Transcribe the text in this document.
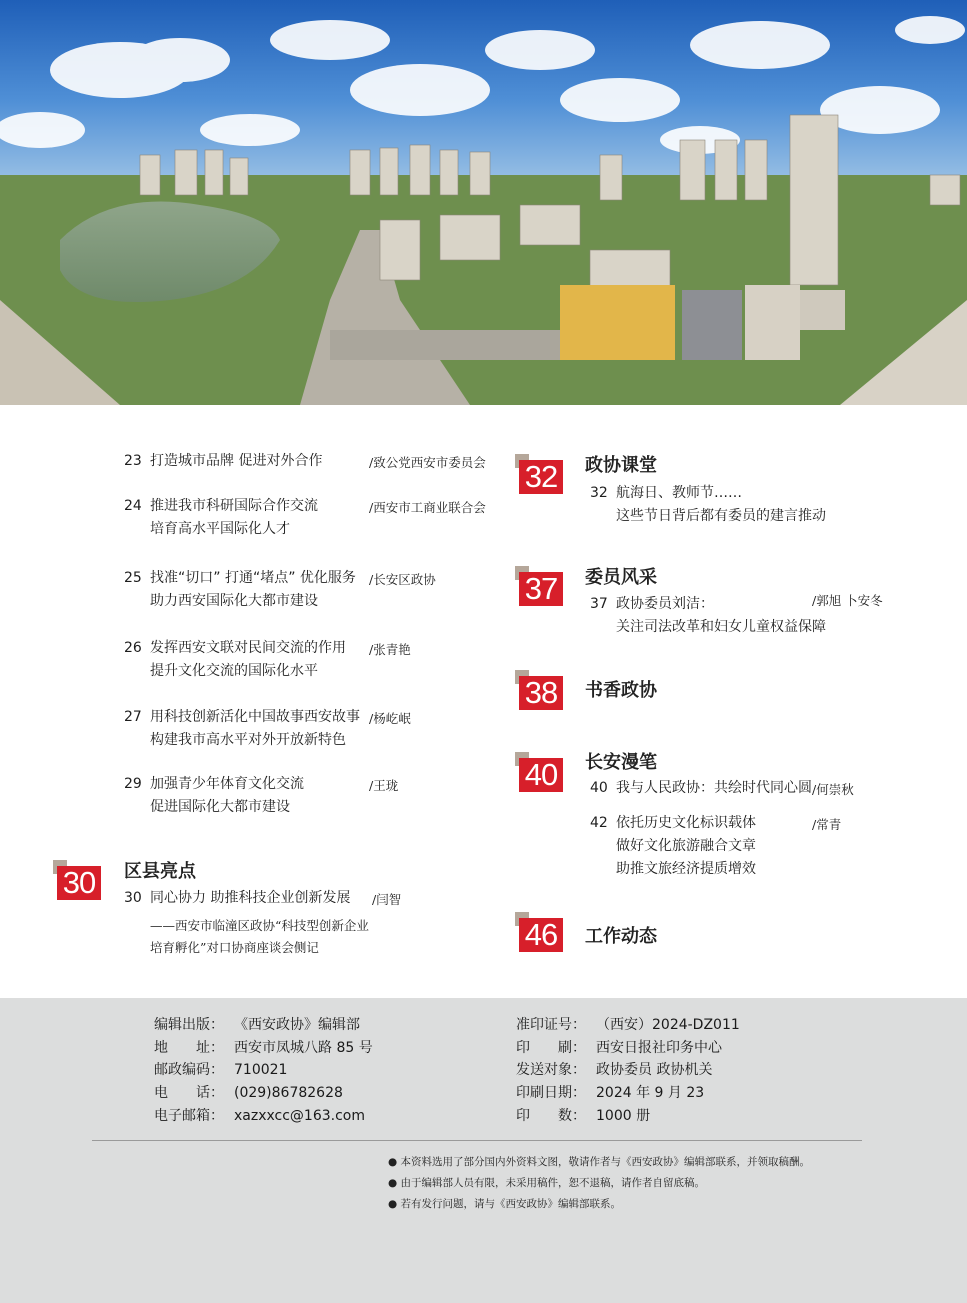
23 打造城市品牌 促进对外合作	/致公党西安市委员会
24 推进我市科研国际合作交流
培育高水平国际化人才
/西安市工商业联合会
25 找准“切口” 打通“堵点” 优化服务
助力西安国际化大都市建设
/长安区政协
26 发挥西安文联对民间交流的作用
提升文化交流的国际化水平
/张青艳
27 用科技创新活化中国故事西安故事
构建我市高水平对外开放新特色
/杨屹岷
29 加强青少年体育文化交流
促进国际化大都市建设
/王珑
30	区县亮点
30 同心协力 助推科技企业创新发展 /闫智
——西安市临潼区政协“科技型创新企业
培育孵化”对口协商座谈会侧记
32	政协课堂
32 航海日、教师节……
这些节日背后都有委员的建言推动
37	委员风采
37 政协委员刘洁：
关注司法改革和妇女儿童权益保障
/郭旭 卜安冬
38	书香政协
40	长安漫笔
40 我与人民政协：共绘时代同心圆 /何崇秋
42 依托历史文化标识载体
做好文化旅游融合文章
助推文旅经济提质增效
/常青
46	工作动态
编辑出版： 《西安政协》编辑部
地　　址： 西安市凤城八路 85 号
邮政编码： 710021
电　　话： (029)86782628
电子邮箱： xazxxcc@163.com
准印证号： （西安）2024-DZ011
印　　刷： 西安日报社印务中心
发送对象： 政协委员 政协机关
印刷日期： 2024 年 9 月 23
印　　数： 1000 册
● 本资料选用了部分国内外资料文图，敬请作者与《西安政协》编辑部联系，并领取稿酬。
● 由于编辑部人员有限，未采用稿件，恕不退稿，请作者自留底稿。
● 若有发行问题，请与《西安政协》编辑部联系。
